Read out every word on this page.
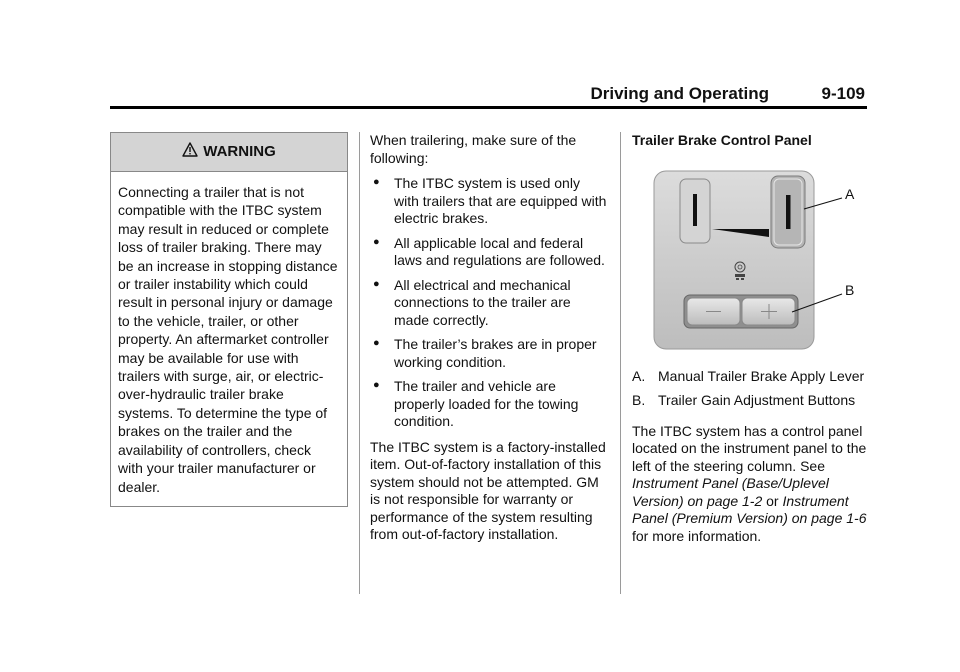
Driving and Operating	9-109
WARNING
Connecting a trailer that is not compatible with the ITBC system may result in reduced or complete loss of trailer braking. There may be an increase in stopping distance or trailer instability which could result in personal injury or damage to the vehicle, trailer, or other property. An aftermarket controller may be available for use with trailers with surge, air, or electric-over-hydraulic trailer brake systems. To determine the type of brakes on the trailer and the availability of controllers, check with your trailer manufacturer or dealer.

When trailering, make sure of the following:

● The ITBC system is used only with trailers that are equipped with electric brakes.
● All applicable local and federal laws and regulations are followed.
● All electrical and mechanical connections to the trailer are made correctly.
● The trailer’s brakes are in proper working condition.
● The trailer and vehicle are properly loaded for the towing condition.

The ITBC system is a factory-installed item. Out-of-factory installation of this system should not be attempted. GM is not responsible for warranty or performance of the system resulting from out-of-factory installation.

Trailer Brake Control Panel

A
B
A. Manual Trailer Brake Apply Lever
B. Trailer Gain Adjustment Buttons

The ITBC system has a control panel located on the instrument panel to the left of the steering column. See Instrument Panel (Base/Uplevel Version) on page 1-2 or Instrument Panel (Premium Version) on page 1-6 for more information.
